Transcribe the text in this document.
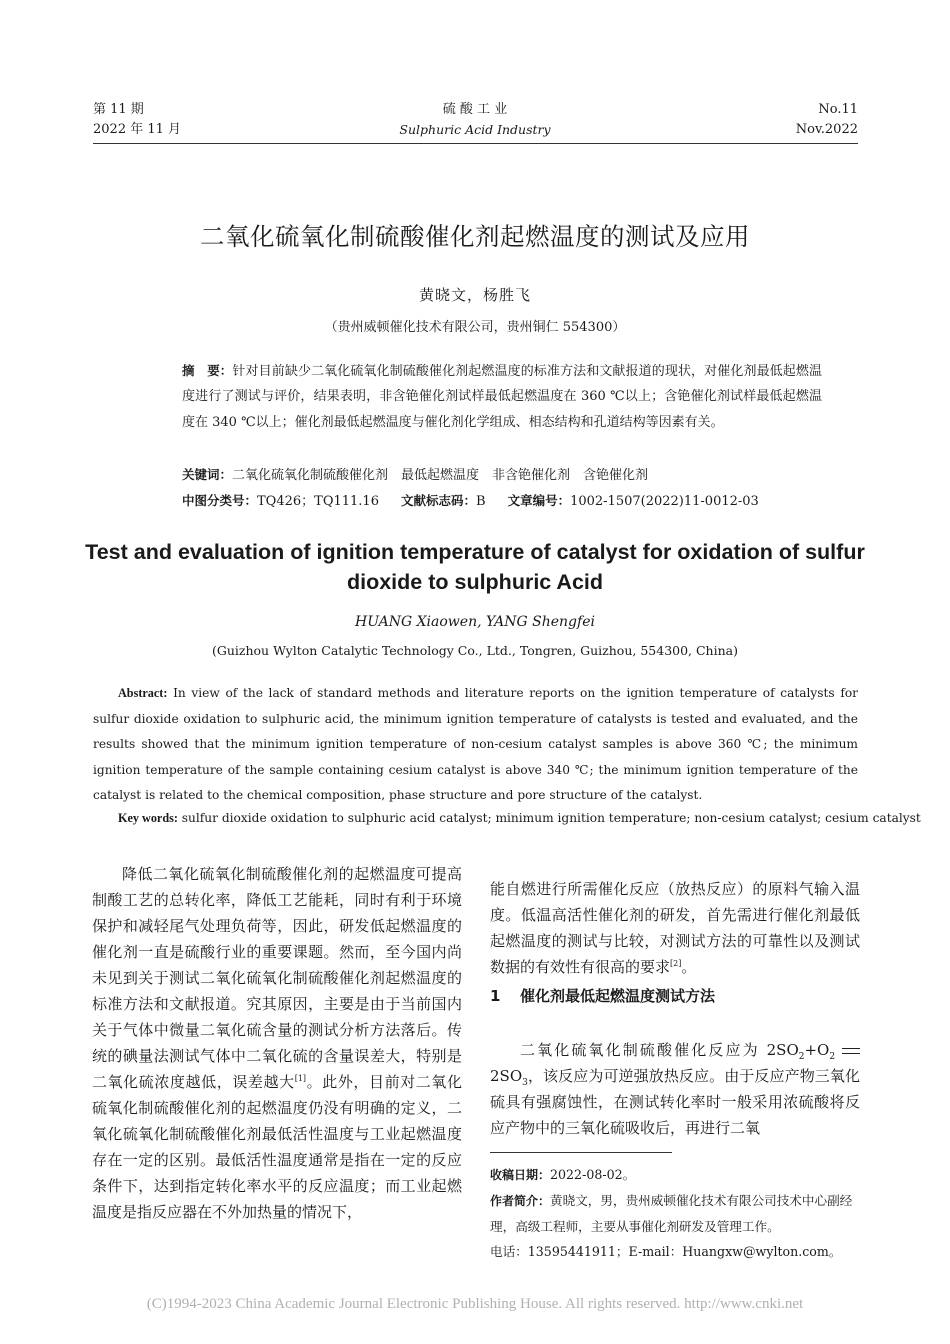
第 11 期
2022 年 11 月
硫 酸 工 业
Sulphuric Acid Industry
No.11
Nov.2022
二氧化硫氧化制硫酸催化剂起燃温度的测试及应用
黄晓文，杨胜飞
（贵州威顿催化技术有限公司，贵州铜仁 554300）
摘　要：针对目前缺少二氧化硫氧化制硫酸催化剂起燃温度的标准方法和文献报道的现状，对催化剂最低起燃温度进行了测试与评价，结果表明，非含铯催化剂试样最低起燃温度在 360 ℃以上；含铯催化剂试样最低起燃温度在 340 ℃以上；催化剂最低起燃温度与催化剂化学组成、相态结构和孔道结构等因素有关。
关键词：二氧化硫氧化制硫酸催化剂　最低起燃温度　非含铯催化剂　含铯催化剂
中图分类号：TQ426；TQ111.16 文献标志码：B 文章编号：1002-1507(2022)11-0012-03
Test and evaluation of ignition temperature of catalyst for oxidation of sulfur dioxide to sulphuric Acid
HUANG Xiaowen, YANG Shengfei
(Guizhou Wylton Catalytic Technology Co., Ltd., Tongren, Guizhou, 554300, China)
Abstract: In view of the lack of standard methods and literature reports on the ignition temperature of catalysts for sulfur dioxide oxidation to sulphuric acid, the minimum ignition temperature of catalysts is tested and evaluated, and the results showed that the minimum ignition temperature of non-cesium catalyst samples is above 360 ℃; the minimum ignition temperature of the sample containing cesium catalyst is above 340 ℃; the minimum ignition temperature of the catalyst is related to the chemical composition, phase structure and pore structure of the catalyst.
Key words: sulfur dioxide oxidation to sulphuric acid catalyst; minimum ignition temperature; non-cesium catalyst; cesium catalyst

降低二氧化硫氧化制硫酸催化剂的起燃温度可提高制酸工艺的总转化率，降低工艺能耗，同时有利于环境保护和减轻尾气处理负荷等，因此，研发低起燃温度的催化剂一直是硫酸行业的重要课题。然而，至今国内尚未见到关于测试二氧化硫氧化制硫酸催化剂起燃温度的标准方法和文献报道。究其原因，主要是由于当前国内关于气体中微量二氧化硫含量的测试分析方法落后。传统的碘量法测试气体中二氧化硫的含量误差大，特别是二氧化硫浓度越低，误差越大[1]。此外，目前对二氧化硫氧化制硫酸催化剂的起燃温度仍没有明确的定义，二氧化硫氧化制硫酸催化剂最低活性温度与工业起燃温度存在一定的区别。最低活性温度通常是指在一定的反应条件下，达到指定转化率水平的反应温度；而工业起燃温度是指反应器在不外加热量的情况下，

能自燃进行所需催化反应（放热反应）的原料气输入温度。低温高活性催化剂的研发，首先需进行催化剂最低起燃温度的测试与比较，对测试方法的可靠性以及测试数据的有效性有很高的要求[2]。

1 催化剂最低起燃温度测试方法

二氧化硫氧化制硫酸催化反应为 $2SO_2+O_2$  $2SO_3$，该反应为可逆强放热反应。由于反应产物三氧化硫具有强腐蚀性，在测试转化率时一般采用浓硫酸将反应产物中的三氧化硫吸收后，再进行二氧

收稿日期：2022-08-02。
作者简介：黄晓文，男，贵州威顿催化技术有限公司技术中心副经理，高级工程师，主要从事催化剂研发及管理工作。
电话：13595441911；E-mail：Huangxw@wylton.com。
(C)1994-2023 China Academic Journal Electronic Publishing House. All rights reserved. http://www.cnki.net
